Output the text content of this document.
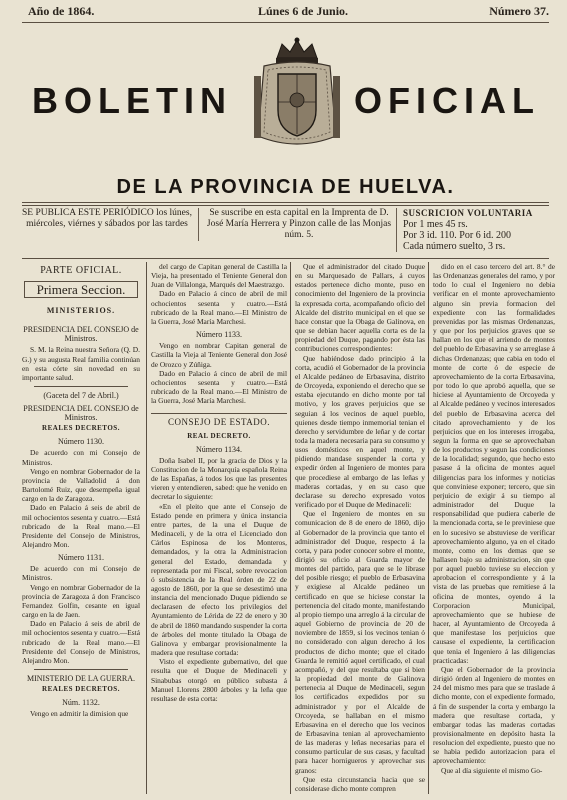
Año de 1864.	Lúnes 6 de Junio.	Número 37.
BOLETIN	OFICIAL
DE LA PROVINCIA DE HUELVA.
SE PUBLICA ESTE PERIÓDICO los lúnes, miércoles, viérnes y sábados por las tardes
Se suscribe en esta capital en la Imprenta de D. José María Herrera y Pinzon calle de las Monjas núm. 5.
SUSCRICION VOLUNTARIA
Por 1 mes 45 rs.
Por 3 id. 110. Por 6 id. 200
Cada número suelto, 3 rs.
PARTE OFICIAL.
Primera Seccion.
MINISTERIOS.
PRESIDENCIA DEL CONSEJO de Ministros.

S. M. la Reina nuestra Señora (Q. D. G.) y su augusta Real familia continúan en esta córte sin novedad en su importante salud.

(Gaceta del 7 de Abril.)
PRESIDENCIA DEL CONSEJO de Ministros.
REALES DECRETOS.
Número 1130.

De acuerdo con mi Consejo de Ministros.

Vengo en nombrar Gobernador de la provincia de Valladolid á don Bartolomé Ruiz, que desempeña igual cargo en la de Zaragoza.

Dado en Palacio á seis de abril de mil ochocientos sesenta y cuatro.—Está rubricado de la Real mano.—El Presidente del Consejo de Ministros, Alejandro Mon.

Número 1131.

De acuerdo con mi Consejo de Ministros.

Vengo en nombrar Gobernador de la provincia de Zaragoza á don Francisco Fernandez Golfin, cesante en igual cargo en la de Jaen.

Dado en Palacio á seis de abril de mil ochocientos sesenta y cuatro.—Está rubricado de la Real mano.—El Presidente del Consejo de Ministros, Alejandro Mon.

MINISTERIO DE LA GUERRA.
REALES DECRETOS.
Núm. 1132.

Vengo en admitir la dimision que

del cargo de Capitan general de Castilla la Vieja, ha presentado el Teniente General don Juan de Villalonga, Marqués del Maestrazgo.

Dado en Palacio á cinco de abril de mil ochocientos sesenta y cuatro.—Está rubricado de la Real mano.—El Ministro de la Guerra, José María Marchesi.

Número 1133.

Vengo en nombrar Capitan general de Castilla la Vieja al Teniente General don José de Orozco y Zúñiga.

Dado en Palacio á cinco de abril de mil ochocientos sesenta y cuatro.—Está rubricado de la Real mano.—El Ministro de la Guerra, José María Marchesi.

CONSEJO DE ESTADO.
REAL DECRETO.
Número 1134.

Doña Isabel II, por la gracia de Dios y la Constitucion de la Monarquía española Reina de las Españas, á todos los que las presentes vieren y entendieren, sabed: que he venido en decretar lo siguiente:

«En el pleito que ante el Consejo de Estado pende en primera y única instancia entre partes, de la una el Duque de Medinaceli, y de la otra el Licenciado don Cárlos Espinosa de los Monteros, demandados, y la otra la Administracion general del Estado, demandada y representada por mi Fiscal, sobre revocacion ó subsistencia de la Real órden de 22 de agosto de 1860, por la que se desestimó una instancia del mencionado Duque pidiendo se declarasen de efecto los privilegios del Ayuntamiento de Lérida de 22 de enero y 30 de abril de 1860 mandando suspender la corta de árboles del monte titulado la Obaga de Galinova y embargar provisionalmente la madera que resultase cortada:

Visto el expediente gubernativo, del que resulta que el Duque de Medinaceli y Sinabubas otorgó en público subasta á Manuel Llorens 2800 árboles y la leña que resultase de esta corta:

Que el administrador del citado Duque en su Marquesado de Pallars, á cuyos estados pertenece dicho monte, puso en conocimiento del Ingeniero de la provincia la expresada corta, acompañando oficio del Alcalde del distrito municipal en el que se hace constar que la Obaga de Galinova, en que se debían hacer aquella corta es de la propiedad del Duque, pagando por ésta las contribuciones correspondientes:

Que habiéndose dado principio á la corta, acudió el Gobernador de la provincia el Alcalde pedáneo de Erbasavina, distrito de Orcoyeda, exponiendo el derecho que se estaba ejecutando en dicho monte por tal motivo, y los graves perjuicios que se seguian á los vecinos de aquel pueblo, quienes desde tiempo inmemorial tenian el derecho y servidumbre de leñar y de cortar toda la madera necesaria para su consumo y usos domésticos en aquel monte, y pidiendo mandase suspender la corta y expedir órden al Ingeniero de montes para que procediese al embargo de las leñas y maderas cortadas, y en su caso que declarase su derecho expresado votos verificado por el Duque de Medinaceli:

Que el Ingeniero de montes en su comunicacion de 8 de enero de 1860, dijo al Gobernador de la provincia que tanto el administrador del Duque, respecto á la corta, y para poder conocer sobre el monte, dirigió su oficio al Guarda mayor de montes del partido, para que se le librase del posible riesgo; el pueblo de Erbasavina y exigiese al Alcalde pedáneo un certificado en que se hiciese constar la pertenencia del citado monte, manifestando al propio tiempo una arreglo á la circular de aquel Gobierno de provincia de 20 de noviembre de 1859, si los vecinos tenian ó no considerado con algun derecho á los productos de dicho monte; que el citado Guarda le remitió aquel certificado, el cual acompañó, y del que resultaba que si bien la propiedad del monte de Galinova pertenecia al Duque de Medinaceli, segun los certificados expedidos por su administrador y por el Alcalde de Orcoyeda, se hallaban en el mismo Erbasavina en el derecho que los vecinos de Erbasavina tenian al aprovechamiento de las maderas y leñas necesarias para el consumo particular de sus casas, y facultad para hacer hornigueros y aprovechar sus granos:

Que esta circunstancia hacia que se considerase dicho monte compren

dido en el caso tercero del art. 8.° de las Ordenanzas generales del ramo, y por todo lo cual el Ingeniero no debia verificar en el monte aprovechamiento alguno sin previa formacion del expediente con las formalidades prevenidas por las mismas Ordenanzas, y que por los perjuicios graves que se hallan en los que el arriendo de montes del pueblo de Erbasavina y se arreglase á dichas Ordenanzas; que cabia en todo el monte de corte ó de especie de aprovechamiento de la corta Erbasavina, por todo lo que aprobó aquella, que se hiciese al Ayuntamiento de Orcoyeda y al Alcalde pedáneo y vecinos interesados del pueblo de Erbasavina acerca del citado aprovechamiento y de los perjuicios que en los intereses irrogaba, segun la forma en que se aprovechaban de los productos y segun las condiciones de la localidad; segundo, que hecho esto pasase á la oficina de montes aquel diligencias para los informes y noticias que conviniese exponer; tercero, que sin perjuicio de exigir á su tiempo al administrador del Duque la responsabilidad que pudiera caberle de la mencionada corta, se le previniese que en lo sucesivo se abstuviese de verificar aprovechamiento alguno, ya en el citado monte, como en los demas que se hallasen bajo su administracion, sin que por aquel pueblo tuviese su eleccion y aprobacion el correspondiente y á la vista de las pruebas que remitiese á la oficina de montes, oyendo á la Corporacion Municipal, aprovechamiento que se hubiese de hacer, al Ayuntamiento de Orcoyeda á que manifestase los perjuicios que causase el expediente, la certificacion que tenia el Ingeniero á las diligencias practicadas:

Que el Gobernador de la provincia dirigió órden al Ingeniero de montes en 24 del mismo mes para que se traslade á dicho monte, con el expediente formado, á fin de suspender la corta y embargo la madera que resultase cortada, y embargar todas las maderas cortadas provisionalmente en depósito hasta la resolucion del expediente, puesto que no se habia pedido autorizacion para el aprovechamiento:

Que al día siguiente el mismo Go-
